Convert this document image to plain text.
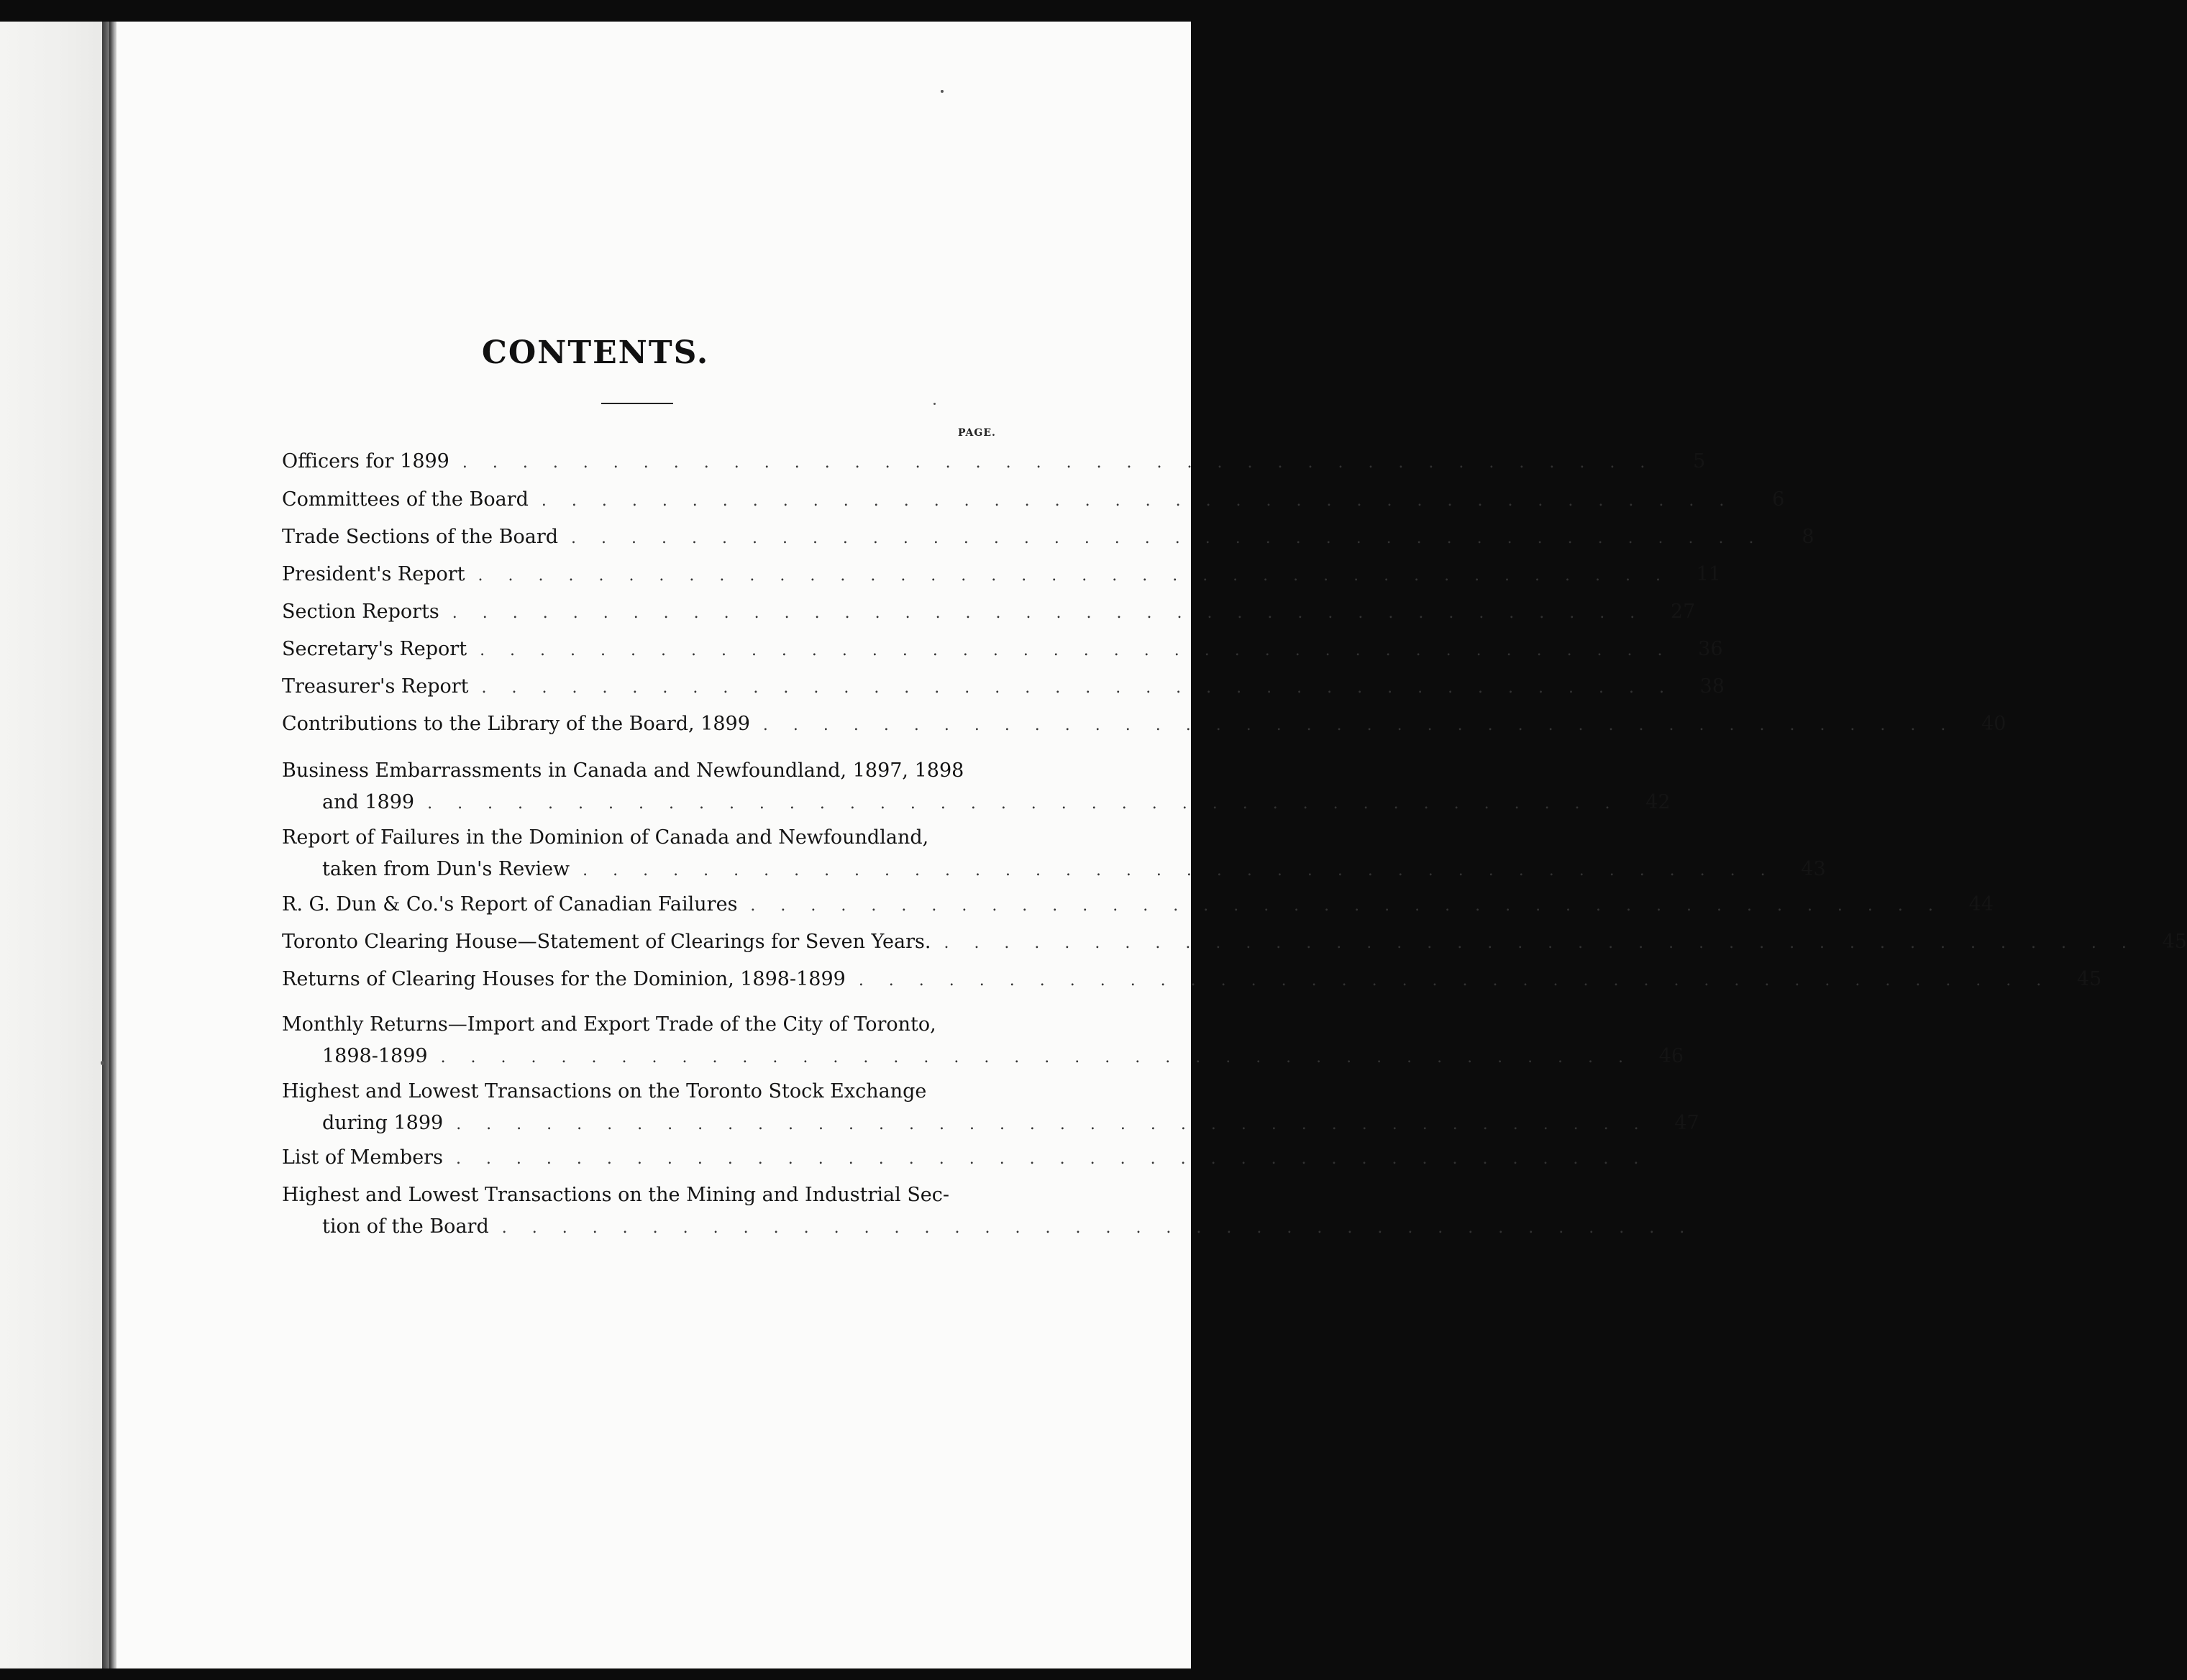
CONTENTS.
PAGE.
Officers for 1899 . . . . . . . . . . . . . . . . . . . . . . . . . . . . . . . . . . . . . . . .	5
Committees of the Board . . . . . . . . . . . . . . . . . . . . . . . . . . . . . . . . . . . . . . . .	6
Trade Sections of the Board . . . . . . . . . . . . . . . . . . . . . . . . . . . . . . . . . . . . . . . .	8
President's Report . . . . . . . . . . . . . . . . . . . . . . . . . . . . . . . . . . . . . . . .	11
Section Reports . . . . . . . . . . . . . . . . . . . . . . . . . . . . . . . . . . . . . . . .	27
Secretary's Report . . . . . . . . . . . . . . . . . . . . . . . . . . . . . . . . . . . . . . . .	36
Treasurer's Report . . . . . . . . . . . . . . . . . . . . . . . . . . . . . . . . . . . . . . . .	38
Contributions to the Library of the Board, 1899 . . . . . . . . . . . . . . . . . . . . . . . . . . . . . . . . . . . . . . . .	40
Business Embarrassments in Canada and Newfoundland, 1897, 1898
and 1899 . . . . . . . . . . . . . . . . . . . . . . . . . . . . . . . . . . . . . . . .	42
Report of Failures in the Dominion of Canada and Newfoundland,
taken from Dun's Review . . . . . . . . . . . . . . . . . . . . . . . . . . . . . . . . . . . . . . . .	43
R. G. Dun & Co.'s Report of Canadian Failures . . . . . . . . . . . . . . . . . . . . . . . . . . . . . . . . . . . . . . . .	44
Toronto Clearing House—Statement of Clearings for Seven Years. . . . . . . . . . . . . . . . . . . . . . . . . . . . . . . . . . . . . . . . .	45
Returns of Clearing Houses for the Dominion, 1898-1899 . . . . . . . . . . . . . . . . . . . . . . . . . . . . . . . . . . . . . . . .	45
Monthly Returns—Import and Export Trade of the City of Toronto,
1898-1899 . . . . . . . . . . . . . . . . . . . . . . . . . . . . . . . . . . . . . . . .	46
Highest and Lowest Transactions on the Toronto Stock Exchange
during 1899 . . . . . . . . . . . . . . . . . . . . . . . . . . . . . . . . . . . . . . . .	47
List of Members . . . . . . . . . . . . . . . . . . . . . . . . . . . . . . . . . . . . . . . .
Highest and Lowest Transactions on the Mining and Industrial Sec-
tion of the Board . . . . . . . . . . . . . . . . . . . . . . . . . . . . . . . . . . . . . . . .
